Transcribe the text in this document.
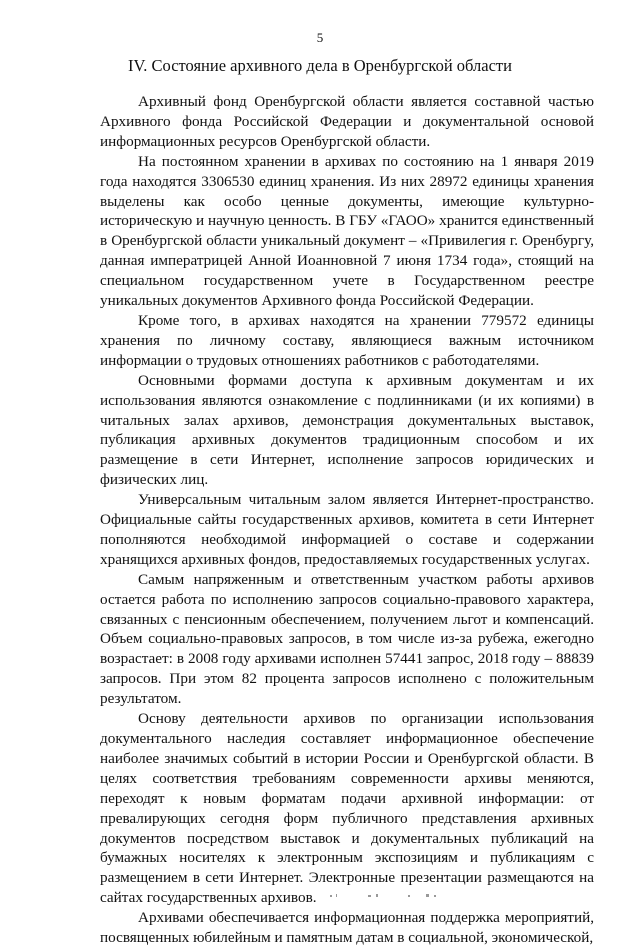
5
IV. Состояние архивного дела в Оренбургской области

Архивный фонд Оренбургской области является составной частью Архивного фонда Российской Федерации и документальной основой информационных ресурсов Оренбургской области.

На постоянном хранении в архивах по состоянию на 1 января 2019 года находятся 3306530 единиц хранения. Из них 28972 единицы хранения выделены как особо ценные документы, имеющие культурно-историческую и научную ценность. В ГБУ «ГАОО» хранится единственный в Оренбургской области уникальный документ – «Привилегия г. Оренбургу, данная императрицей Анной Иоанновной 7 июня 1734 года», стоящий на специальном государственном учете в Государственном реестре уникальных документов Архивного фонда Российской Федерации.

Кроме того, в архивах находятся на хранении 779572 единицы хранения по личному составу, являющиеся важным источником информации о трудовых отношениях работников с работодателями.

Основными формами доступа к архивным документам и их использования являются ознакомление с подлинниками (и их копиями) в читальных залах архивов, демонстрация документальных выставок, публикация архивных документов традиционным способом и их размещение в сети Интернет, исполнение запросов юридических и физических лиц.

Универсальным читальным залом является Интернет-пространство. Официальные сайты государственных архивов, комитета в сети Интернет пополняются необходимой информацией о составе и содержании хранящихся архивных фондов, предоставляемых государственных услугах.

Самым напряженным и ответственным участком работы архивов остается работа по исполнению запросов социально-правового характера, связанных с пенсионным обеспечением, получением льгот и компенсаций. Объем социально-правовых запросов, в том числе из-за рубежа, ежегодно возрастает: в 2008 году архивами исполнен 57441 запрос, 2018 году – 88839 запросов. При этом 82 процента запросов исполнено с положительным результатом.

Основу деятельности архивов по организации использования документального наследия составляет информационное обеспечение наиболее значимых событий в истории России и Оренбургской области. В целях соответствия требованиям современности архивы меняются, переходят к новым форматам подачи архивной информации: от превалирующих сегодня форм публичного представления архивных документов посредством выставок и документальных публикаций на бумажных носителях к электронным экспозициям и публикациям с размещением в сети Интернет. Электронные презентации размещаются на сайтах государственных архивов.

Архивами обеспечивается информационная поддержка мероприятий, посвященных юбилейным и памятным датам в социальной, экономической,
